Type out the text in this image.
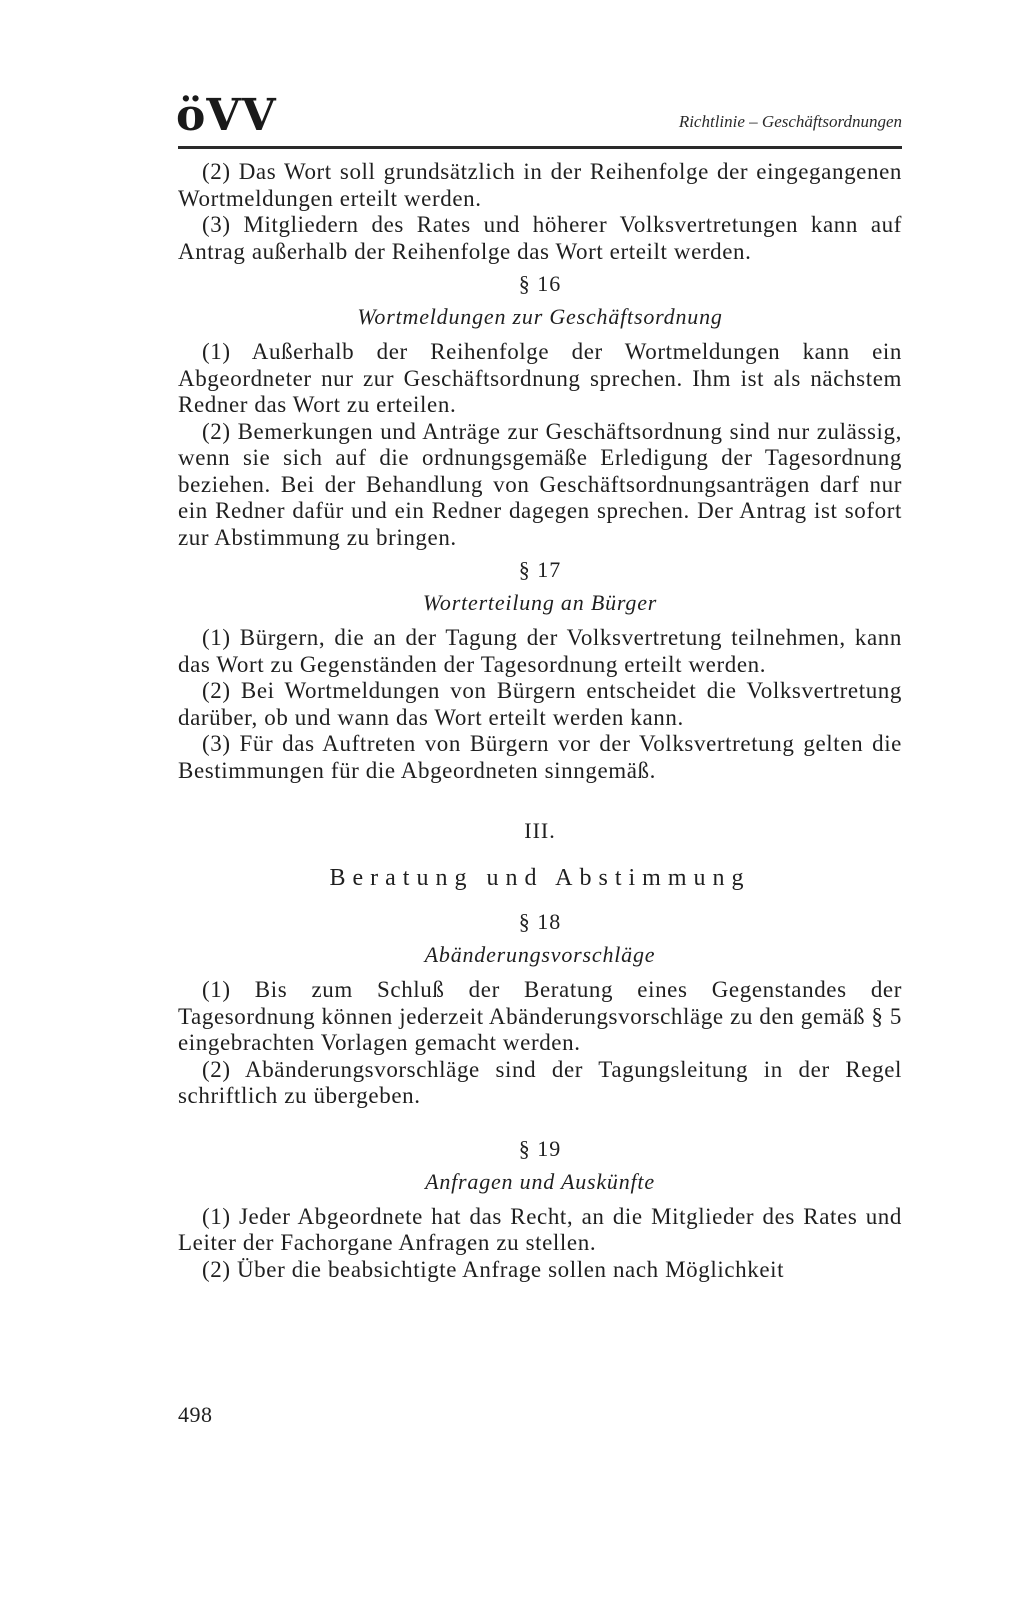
öVV	Richtlinie – Geschäftsordnungen

(2) Das Wort soll grundsätzlich in der Reihenfolge der eingegangenen Wortmeldungen erteilt werden.

(3) Mitgliedern des Rates und höherer Volksvertretungen kann auf Antrag außerhalb der Reihenfolge das Wort erteilt werden.

§ 16
Wortmeldungen zur Geschäftsordnung

(1) Außerhalb der Reihenfolge der Wortmeldungen kann ein Abgeordneter nur zur Geschäftsordnung sprechen. Ihm ist als nächstem Redner das Wort zu erteilen.

(2) Bemerkungen und Anträge zur Geschäftsordnung sind nur zulässig, wenn sie sich auf die ordnungsgemäße Erledigung der Tagesordnung beziehen. Bei der Behandlung von Geschäftsordnungsanträgen darf nur ein Redner dafür und ein Redner dagegen sprechen. Der Antrag ist sofort zur Abstimmung zu bringen.

§ 17
Worterteilung an Bürger

(1) Bürgern, die an der Tagung der Volksvertretung teilnehmen, kann das Wort zu Gegenständen der Tagesordnung erteilt werden.

(2) Bei Wortmeldungen von Bürgern entscheidet die Volksvertretung darüber, ob und wann das Wort erteilt werden kann.

(3) Für das Auftreten von Bürgern vor der Volksvertretung gelten die Bestimmungen für die Abgeordneten sinngemäß.

III.
Beratung und Abstimmung
§ 18
Abänderungsvorschläge

(1) Bis zum Schluß der Beratung eines Gegenstandes der Tagesordnung können jederzeit Abänderungsvorschläge zu den gemäß § 5 eingebrachten Vorlagen gemacht werden.

(2) Abänderungsvorschläge sind der Tagungsleitung in der Regel schriftlich zu übergeben.

§ 19
Anfragen und Auskünfte

(1) Jeder Abgeordnete hat das Recht, an die Mitglieder des Rates und Leiter der Fachorgane Anfragen zu stellen.

(2) Über die beabsichtigte Anfrage sollen nach Möglichkeit

498
